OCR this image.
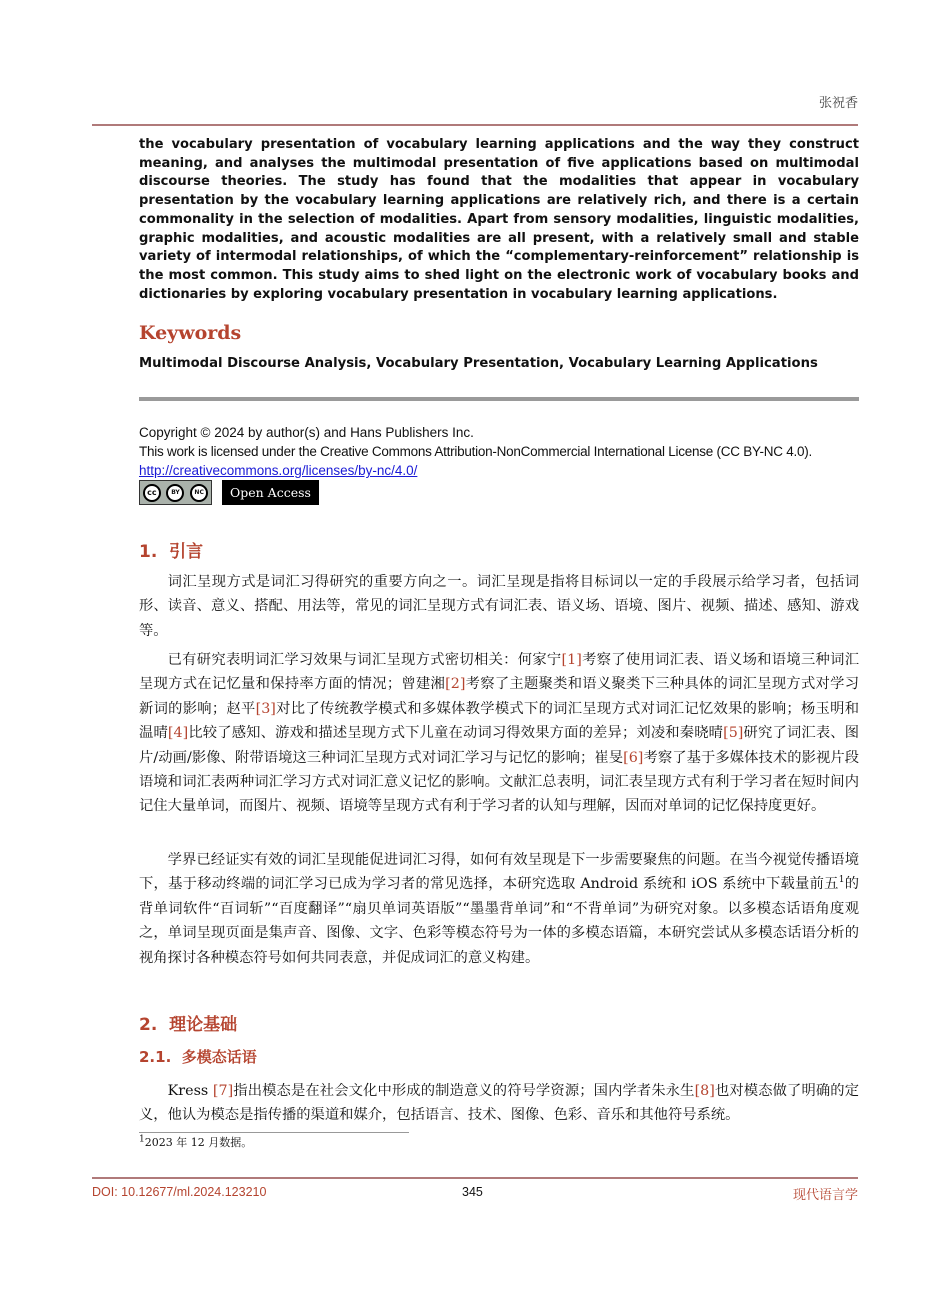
张祝香
the vocabulary presentation of vocabulary learning applications and the way they construct meaning, and analyses the multimodal presentation of five applications based on multimodal discourse theories. The study has found that the modalities that appear in vocabulary presentation by the vocabulary learning applications are relatively rich, and there is a certain commonality in the selection of modalities. Apart from sensory modalities, linguistic modalities, graphic modalities, and acoustic modalities are all present, with a relatively small and stable variety of intermodal relationships, of which the “complementary-reinforcement” relationship is the most common. This study aims to shed light on the electronic work of vocabulary books and dictionaries by exploring vocabulary presentation in vocabulary learning applications.
Keywords
Multimodal Discourse Analysis, Vocabulary Presentation, Vocabulary Learning Applications
Copyright © 2024 by author(s) and Hans Publishers Inc.
This work is licensed under the Creative Commons Attribution-NonCommercial International License (CC BY-NC 4.0).
http://creativecommons.org/licenses/by-nc/4.0/
cc	BY NC	Open Access
1. 引言
词汇呈现方式是词汇习得研究的重要方向之一。词汇呈现是指将目标词以一定的手段展示给学习者，包括词形、读音、意义、搭配、用法等，常见的词汇呈现方式有词汇表、语义场、语境、图片、视频、描述、感知、游戏等。
已有研究表明词汇学习效果与词汇呈现方式密切相关：何家宁[1]考察了使用词汇表、语义场和语境三种词汇呈现方式在记忆量和保持率方面的情况；曾建湘[2]考察了主题聚类和语义聚类下三种具体的词汇呈现方式对学习新词的影响；赵平[3]对比了传统教学模式和多媒体教学模式下的词汇呈现方式对词汇记忆效果的影响；杨玉明和温晴[4]比较了感知、游戏和描述呈现方式下儿童在动词习得效果方面的差异；刘凌和秦晓晴[5]研究了词汇表、图片/动画/影像、附带语境这三种词汇呈现方式对词汇学习与记忆的影响；崔旻[6]考察了基于多媒体技术的影视片段语境和词汇表两种词汇学习方式对词汇意义记忆的影响。文献汇总表明，词汇表呈现方式有利于学习者在短时间内记住大量单词，而图片、视频、语境等呈现方式有利于学习者的认知与理解，因而对单词的记忆保持度更好。
学界已经证实有效的词汇呈现能促进词汇习得，如何有效呈现是下一步需要聚焦的问题。在当今视觉传播语境下，基于移动终端的词汇学习已成为学习者的常见选择，本研究选取 Android 系统和 iOS 系统中下载量前五$^1$的背单词软件“百词斩”“百度翻译”“扇贝单词英语版”“墨墨背单词”和“不背单词”为研究对象。以多模态话语角度观之，单词呈现页面是集声音、图像、文字、色彩等模态符号为一体的多模态语篇，本研究尝试从多模态话语分析的视角探讨各种模态符号如何共同表意，并促成词汇的意义构建。
2. 理论基础
2.1. 多模态话语
Kress [7]指出模态是在社会文化中形成的制造意义的符号学资源；国内学者朱永生[8]也对模态做了明确的定义，他认为模态是指传播的渠道和媒介，包括语言、技术、图像、色彩、音乐和其他符号系统。
$^1$2023 年 12 月数据。
DOI: 10.12677/ml.2024.123210	345	现代语言学
